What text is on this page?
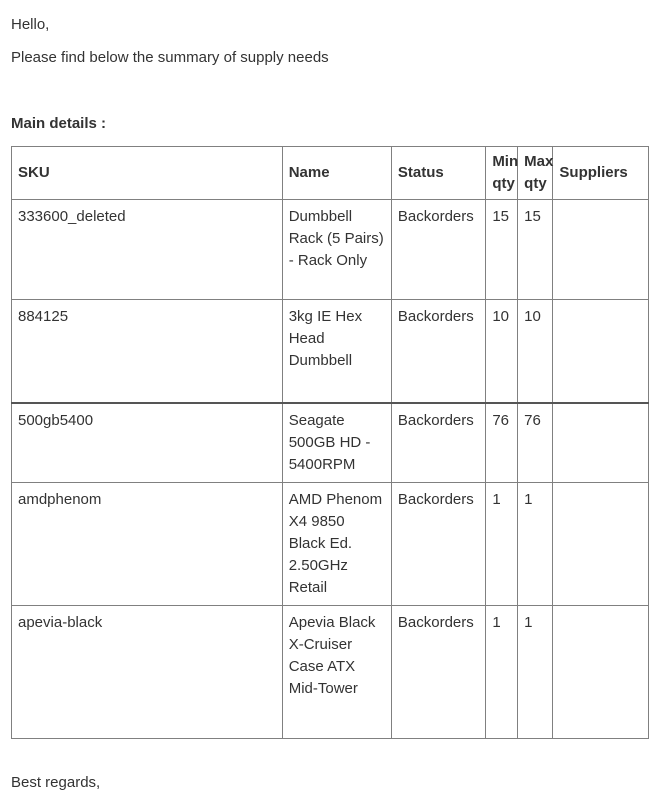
Hello,
Please find below the summary of supply needs
Main details :
SKU	Name	Status	Min qty	Max qty	Suppliers
333600_deleted	Dumbbell Rack (5 Pairs) - Rack Only	Backorders	15	15	
884125	3kg IE Hex Head Dumbbell	Backorders	10	10	
500gb5400	Seagate 500GB HD - 5400RPM	Backorders	76	76	
amdphenom	AMD Phenom X4 9850 Black Ed. 2.50GHz Retail	Backorders	1	1	
apevia-black	Apevia Black X-Cruiser Case ATX Mid-Tower	Backorders	1	1	
Best regards,
